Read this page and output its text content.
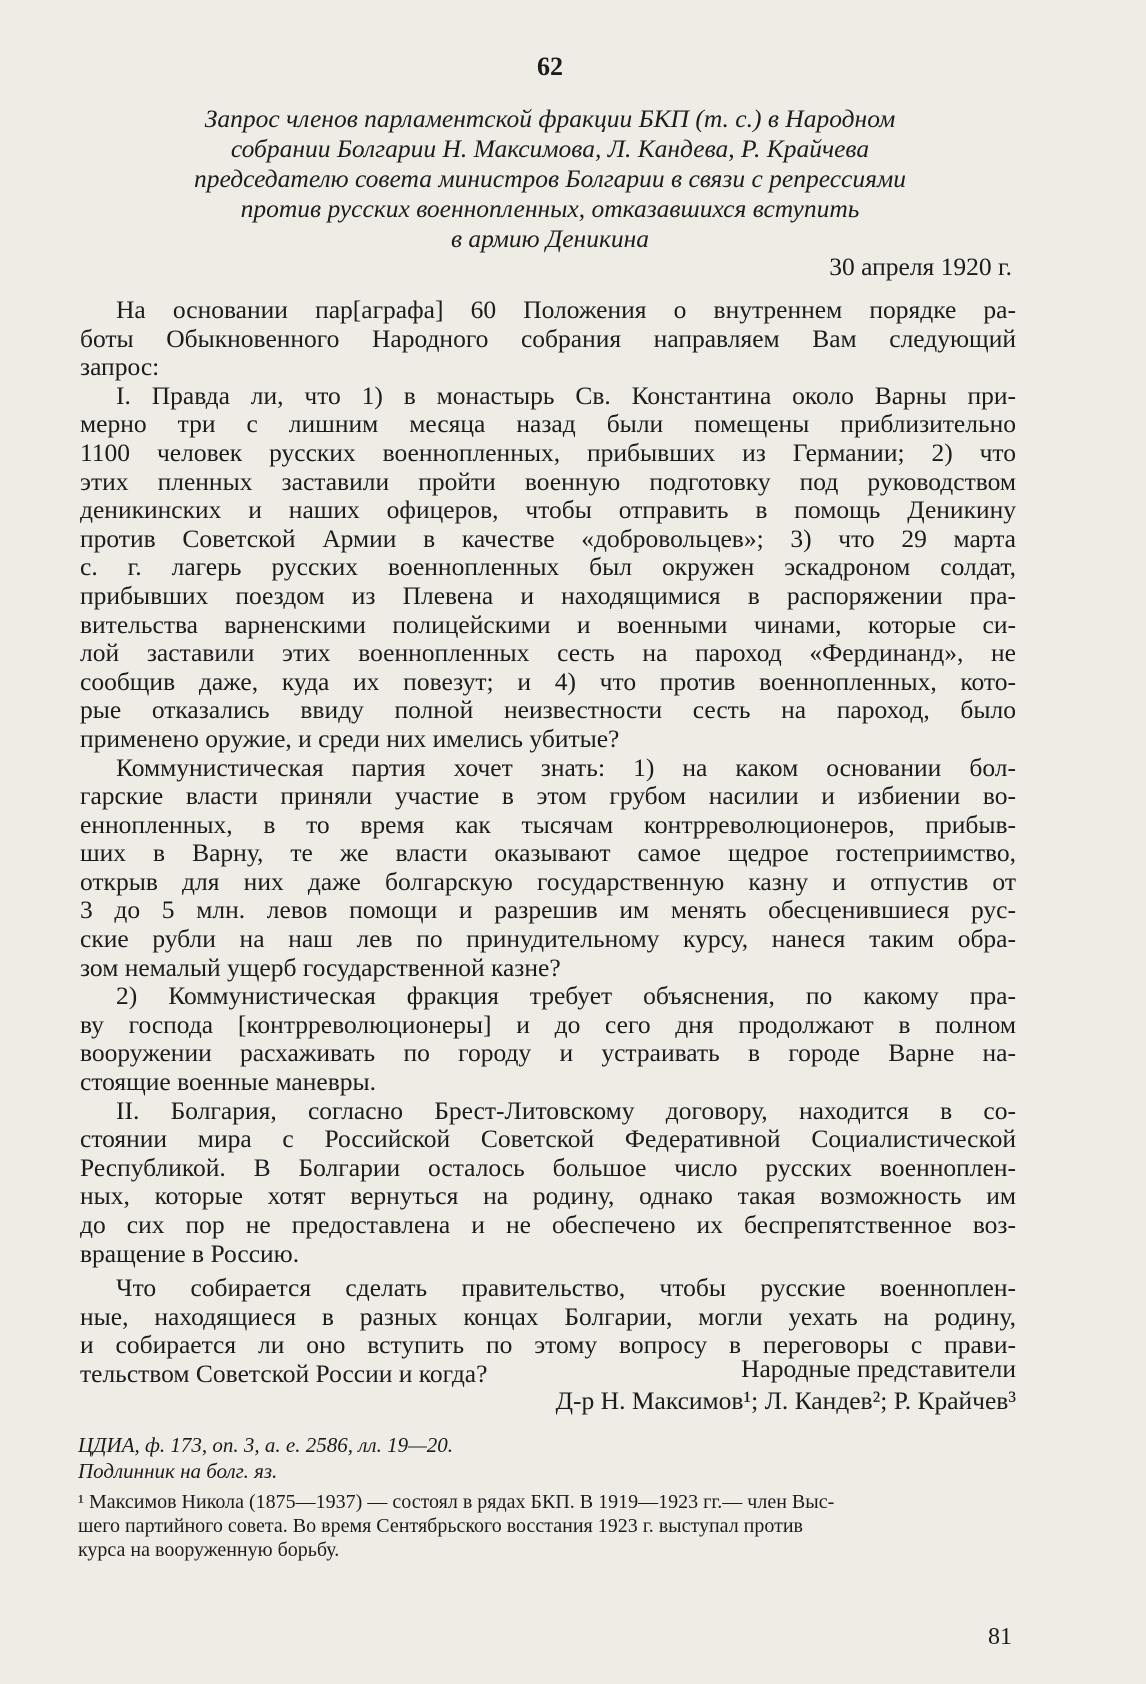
62
Запрос членов парламентской фракции БКП (т. с.) в Народном
собрании Болгарии Н. Максимова, Л. Кандева, Р. Крайчева
председателю совета министров Болгарии в связи с репрессиями
против русских военнопленных, отказавшихся вступить
в армию Деникина
30 апреля 1920 г.
На основании пар[аграфа] 60 Положения о внутреннем порядке ра-
боты Обыкновенного Народного собрания направляем Вам следующий
запрос:
I. Правда ли, что 1) в монастырь Св. Константина около Варны при-
мерно три с лишним месяца назад были помещены приблизительно
1100 человек русских военнопленных, прибывших из Германии; 2) что
этих пленных заставили пройти военную подготовку под руководством
деникинских и наших офицеров, чтобы отправить в помощь Деникину
против Советской Армии в качестве «добровольцев»; 3) что 29 марта
с. г. лагерь русских военнопленных был окружен эскадроном солдат,
прибывших поездом из Плевена и находящимися в распоряжении пра-
вительства варненскими полицейскими и военными чинами, которые си-
лой заставили этих военнопленных сесть на пароход «Фердинанд», не
сообщив даже, куда их повезут; и 4) что против военнопленных, кото-
рые отказались ввиду полной неизвестности сесть на пароход, было
применено оружие, и среди них имелись убитые?
Коммунистическая партия хочет знать: 1) на каком основании бол-
гарские власти приняли участие в этом грубом насилии и избиении во-
еннопленных, в то время как тысячам контрреволюционеров, прибыв-
ших в Варну, те же власти оказывают самое щедрое гостеприимство,
открыв для них даже болгарскую государственную казну и отпустив от
3 до 5 млн. левов помощи и разрешив им менять обесценившиеся рус-
ские рубли на наш лев по принудительному курсу, нанеся таким обра-
зом немалый ущерб государственной казне?
2) Коммунистическая фракция требует объяснения, по какому пра-
ву господа [контрреволюционеры] и до сего дня продолжают в полном
вооружении расхаживать по городу и устраивать в городе Варне на-
стоящие военные маневры.
II. Болгария, согласно Брест-Литовскому договору, находится в со-
стоянии мира с Российской Советской Федеративной Социалистической
Республикой. В Болгарии осталось большое число русских военноплен-
ных, которые хотят вернуться на родину, однако такая возможность им
до сих пор не предоставлена и не обеспечено их беспрепятственное воз-
вращение в Россию.
Что собирается сделать правительство, чтобы русские военноплен-
ные, находящиеся в разных концах Болгарии, могли уехать на родину,
и собирается ли оно вступить по этому вопросу в переговоры с прави-
тельством Советской России и когда?	Народные представители
Д-р Н. Максимов¹; Л. Кандев²; Р. Крайчев³
ЦДИА, ф. 173, оп. 3, а. е. 2586, лл. 19—20.
Подлинник на болг. яз.
¹ Максимов Никола (1875—1937) — состоял в рядах БКП. В 1919—1923 гг.— член Выс-
шего партийного совета. Во время Сентябрьского восстания 1923 г. выступал против
курса на вооруженную борьбу.
81
